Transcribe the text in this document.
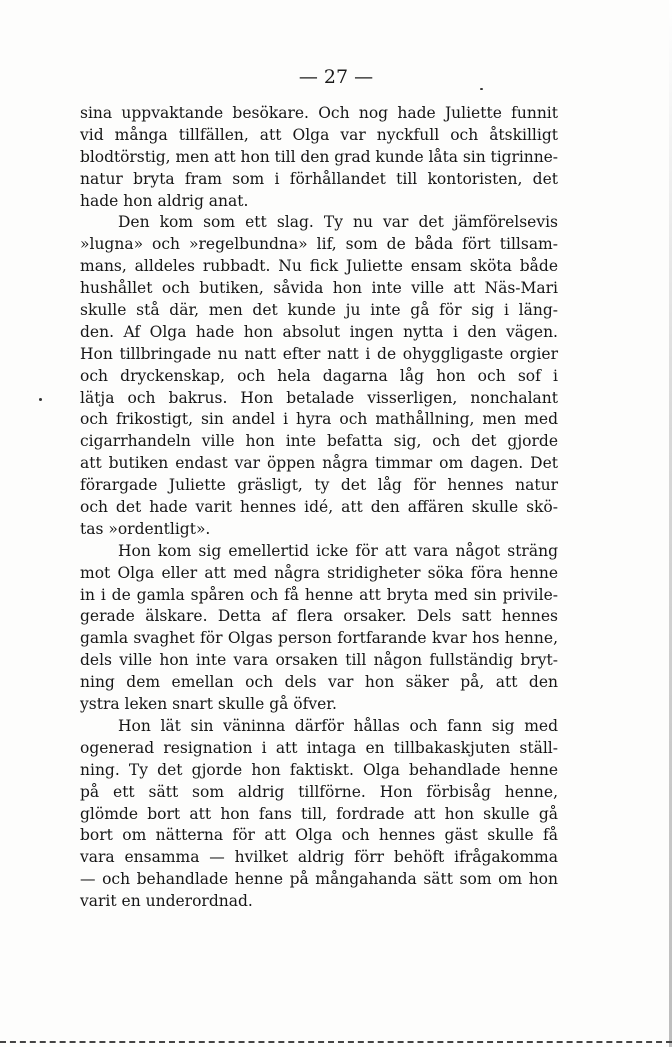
— 27 —
sina uppvaktande besökare. Och nog hade Juliette funnit
vid många tillfällen, att Olga var nyckfull och åtskilligt
blodtörstig, men att hon till den grad kunde låta sin tigrinne-
natur bryta fram som i förhållandet till kontoristen, det
hade hon aldrig anat.
Den kom som ett slag. Ty nu var det jämförelsevis
»lugna» och »regelbundna» lif, som de båda fört tillsam-
mans, alldeles rubbadt. Nu fick Juliette ensam sköta både
hushållet och butiken, såvida hon inte ville att Näs-Mari
skulle stå där, men det kunde ju inte gå för sig i läng-
den. Af Olga hade hon absolut ingen nytta i den vägen.
Hon tillbringade nu natt efter natt i de ohyggligaste orgier
och dryckenskap, och hela dagarna låg hon och sof i
lätja och bakrus. Hon betalade visserligen, nonchalant
och frikostigt, sin andel i hyra och mathållning, men med
cigarrhandeln ville hon inte befatta sig, och det gjorde
att butiken endast var öppen några timmar om dagen. Det
förargade Juliette gräsligt, ty det låg för hennes natur
och det hade varit hennes idé, att den affären skulle skö-
tas »ordentligt».
Hon kom sig emellertid icke för att vara något sträng
mot Olga eller att med några stridigheter söka föra henne
in i de gamla spåren och få henne att bryta med sin privile-
gerade älskare. Detta af flera orsaker. Dels satt hennes
gamla svaghet för Olgas person fortfarande kvar hos henne,
dels ville hon inte vara orsaken till någon fullständig bryt-
ning dem emellan och dels var hon säker på, att den
ystra leken snart skulle gå öfver.
Hon lät sin väninna därför hållas och fann sig med
ogenerad resignation i att intaga en tillbakaskjuten ställ-
ning. Ty det gjorde hon faktiskt. Olga behandlade henne
på ett sätt som aldrig tillförne. Hon förbisåg henne,
glömde bort att hon fans till, fordrade att hon skulle gå
bort om nätterna för att Olga och hennes gäst skulle få
vara ensamma — hvilket aldrig förr behöft ifrågakomma
— och behandlade henne på mångahanda sätt som om hon
varit en underordnad.
